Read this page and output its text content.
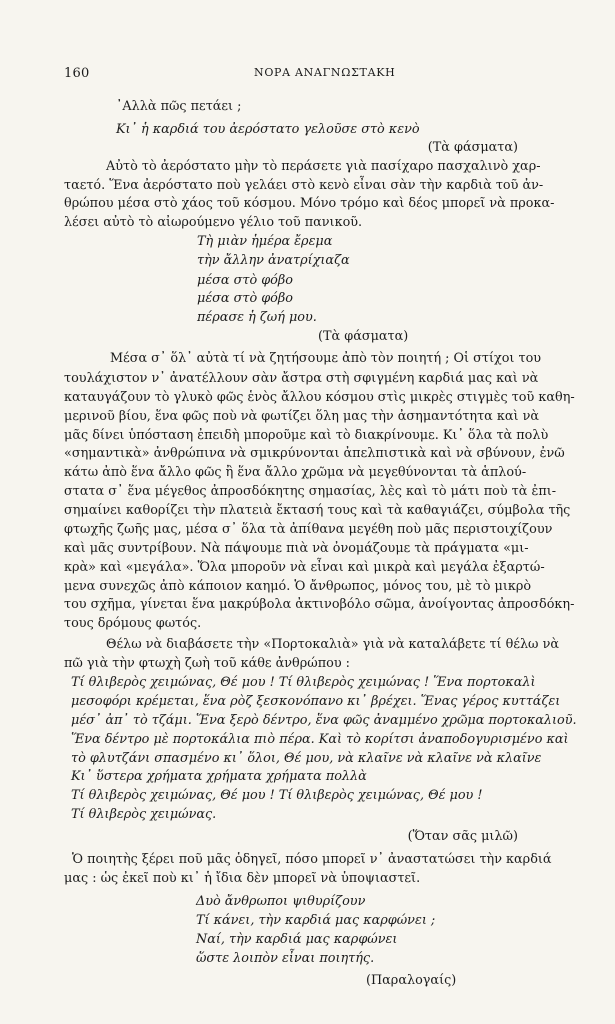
160	ΝΟΡΑ ΑΝΑΓΝΩΣΤΑΚΗ
᾿Αλλὰ πῶς πετάει ;
Κι᾿ ἡ καρδιά του ἀερόστατο γελοῦσε στὸ κενὸ
(Τὰ φάσματα)
Αὐτὸ τὸ ἀερόστατο μὴν τὸ περάσετε γιὰ πασίχαρο πασχαλινὸ χαρ-
ταετό. Ἕνα ἀερόστατο ποὺ γελάει στὸ κενὸ εἶναι σὰν τὴν καρδιὰ τοῦ ἀν-
θρώπου μέσα στὸ χάος τοῦ κόσμου. Μόνο τρόμο καὶ δέος μπορεῖ νὰ προκα-
λέσει αὐτὸ τὸ αἰωρούμενο γέλιο τοῦ πανικοῦ.
Τὴ μιὰν ἡμέρα ἔρεμα
τὴν ἄλλην ἀνατρίχιαζα
μέσα στὸ φόβο
μέσα στὸ φόβο
πέρασε ἡ ζωή μου.
(Τὰ φάσματα)
Μέσα σ᾿ ὅλ᾿ αὐτὰ τί νὰ ζητήσουμε ἀπὸ τὸν ποιητή ; Οἱ στίχοι του
τουλάχιστον ν᾿ ἀνατέλλουν σὰν ἄστρα στὴ σφιγμένη καρδιά μας καὶ νὰ
καταυγάζουν τὸ γλυκὸ φῶς ἑνὸς ἄλλου κόσμου στὶς μικρὲς στιγμὲς τοῦ καθη-
μερινοῦ βίου, ἕνα φῶς ποὺ νὰ φωτίζει ὅλη μας τὴν ἀσημαντότητα καὶ νὰ
μᾶς δίνει ὑπόσταση ἐπειδὴ μποροῦμε καὶ τὸ διακρίνουμε. Κι᾿ ὅλα τὰ πολὺ
«σημαντικὰ» ἀνθρώπινα νὰ σμικρύνονται ἀπελπιστικὰ καὶ νὰ σβύνουν, ἐνῶ
κάτω ἀπὸ ἕνα ἄλλο φῶς ἢ ἕνα ἄλλο χρῶμα νὰ μεγεθύνονται τὰ ἁπλού-
στατα σ᾿ ἕνα μέγεθος ἀπροσδόκητης σημασίας, λὲς καὶ τὸ μάτι ποὺ τὰ ἐπι-
σημαίνει καθορίζει τὴν πλατειὰ ἔκτασή τους καὶ τὰ καθαγιάζει, σύμβολα τῆς
φτωχῆς ζωῆς μας, μέσα σ᾿ ὅλα τὰ ἀπίθανα μεγέθη ποὺ μᾶς περιστοιχίζουν
καὶ μᾶς συντρίβουν. Νὰ πάψουμε πιὰ νὰ ὀνομάζουμε τὰ πράγματα «μι-
κρὰ» καὶ «μεγάλα». Ὅλα μποροῦν νὰ εἶναι καὶ μικρὰ καὶ μεγάλα ἐξαρτώ-
μενα συνεχῶς ἀπὸ κάποιον καημό. Ὁ ἄνθρωπος, μόνος του, μὲ τὸ μικρὸ
του σχῆμα, γίνεται ἕνα μακρύβολα ἀκτινοβόλο σῶμα, ἀνοίγοντας ἀπροσδόκη-
τους δρόμους φωτός.
Θέλω νὰ διαβάσετε τὴν «Πορτοκαλιὰ» γιὰ νὰ καταλάβετε τί θέλω νὰ
πῶ γιὰ τὴν φτωχὴ ζωὴ τοῦ κάθε ἀνθρώπου :
Τί θλιβερὸς χειμώνας, Θέ μου ! Τί θλιβερὸς χειμώνας ! Ἕνα πορτοκαλὶ
μεσοφόρι κρέμεται, ἕνα ρὸζ ξεσκονόπανο κι᾿ βρέχει. Ἕνας γέρος κυττάζει
μέσ᾿ ἀπ᾿ τὸ τζάμι. Ἕνα ξερὸ δέντρο, ἕνα φῶς ἀναμμένο χρῶμα πορτοκαλιοῦ.
Ἕνα δέντρο μὲ πορτοκάλια πιὸ πέρα. Καὶ τὸ κορίτσι ἀναποδογυρισμένο καὶ
τὸ φλυτζάνι σπασμένο κι᾿ ὅλοι, Θέ μου, νὰ κλαῖνε νὰ κλαῖνε νὰ κλαῖνε
Κι᾿ ὕστερα χρήματα χρήματα χρήματα πολλὰ
Τί θλιβερὸς χειμώνας, Θέ μου ! Τί θλιβερὸς χειμώνας, Θέ μου !
Τί θλιβερὸς χειμώνας.
(Ὅταν σᾶς μιλῶ)
Ὁ ποιητὴς ξέρει ποῦ μᾶς ὁδηγεῖ, πόσο μπορεῖ ν᾿ ἀναστατώσει τὴν καρδιά
μας : ὡς ἐκεῖ ποὺ κι᾿ ἡ ἴδια δὲν μπορεῖ νὰ ὑποψιαστεῖ.
Δυὸ ἄνθρωποι ψιθυρίζουν
Τί κάνει, τὴν καρδιά μας καρφώνει ;
Ναί, τὴν καρδιά μας καρφώνει
ὥστε λοιπὸν εἶναι ποιητής.
(Παραλογαίς)
